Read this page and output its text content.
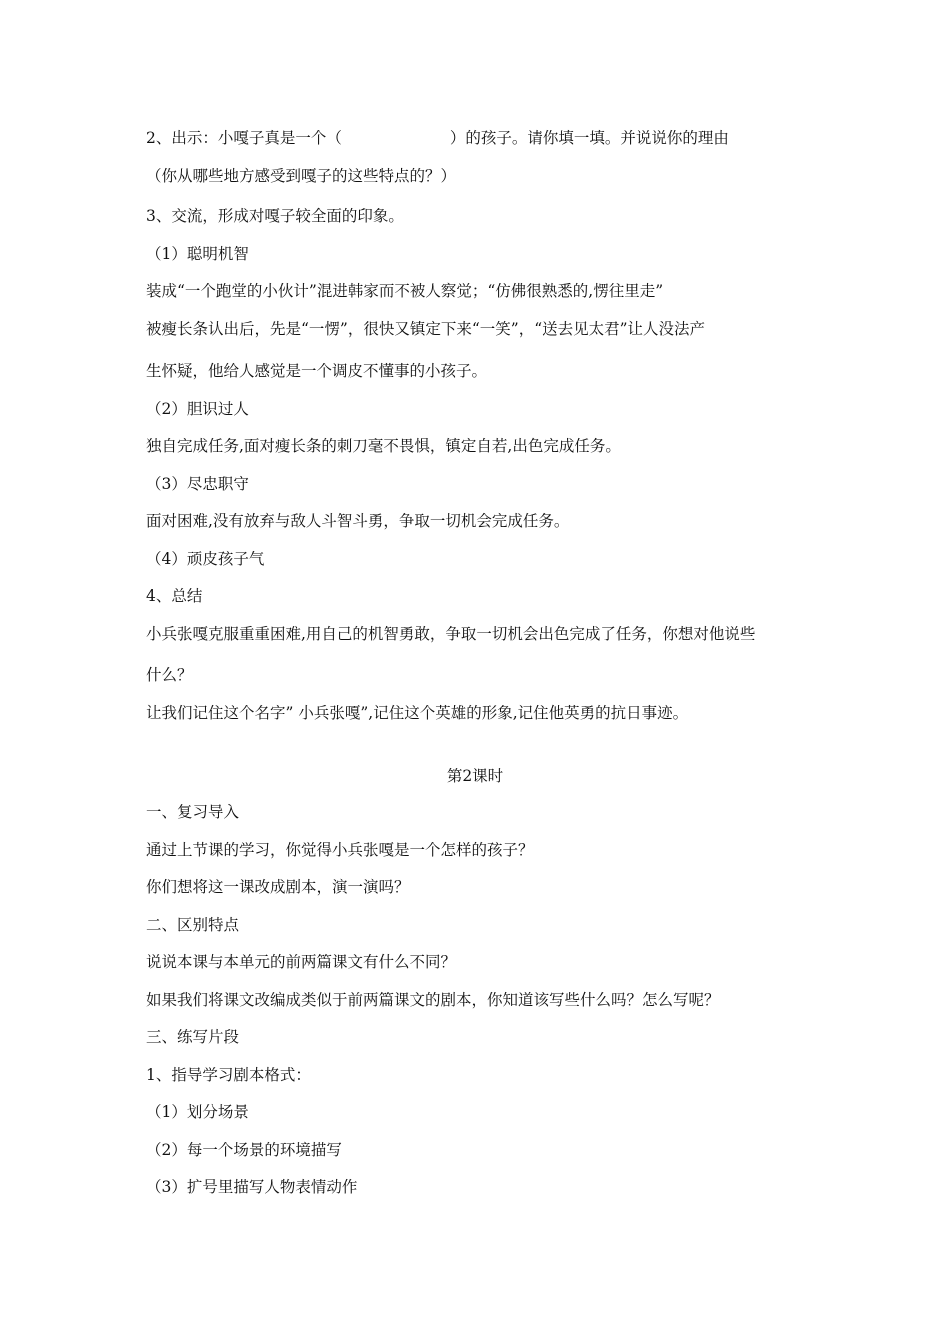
2、出示：小嘎子真是一个（	）的孩子。请你填一填。并说说你的理由
（你从哪些地方感受到嘎子的这些特点的？）
3、交流，形成对嘎子较全面的印象。
（1）聪明机智
装成“一个跑堂的小伙计”混进韩家而不被人察觉；“仿佛很熟悉的,愣往里走”
被瘦长条认出后，先是“一愣”，很快又镇定下来“一笑”，“送去见太君”让人没法产
生怀疑，他给人感觉是一个调皮不懂事的小孩子。
（2）胆识过人
独自完成任务,面对瘦长条的刺刀毫不畏惧，镇定自若,出色完成任务。
（3）尽忠职守
面对困难,没有放弃与敌人斗智斗勇，争取一切机会完成任务。
（4）顽皮孩子气
4、总结
小兵张嘎克服重重困难,用自己的机智勇敢，争取一切机会出色完成了任务，你想对他说些
什么？
让我们记住这个名字” 小兵张嘎”,记住这个英雄的形象,记住他英勇的抗日事迹。
第2课时
一、复习导入
通过上节课的学习，你觉得小兵张嘎是一个怎样的孩子？
你们想将这一课改成剧本，演一演吗？
二、区别特点
说说本课与本单元的前两篇课文有什么不同？
如果我们将课文改编成类似于前两篇课文的剧本，你知道该写些什么吗？怎么写呢？
三、练写片段
1、指导学习剧本格式：
（1）划分场景
（2）每一个场景的环境描写
（3）扩号里描写人物表情动作
